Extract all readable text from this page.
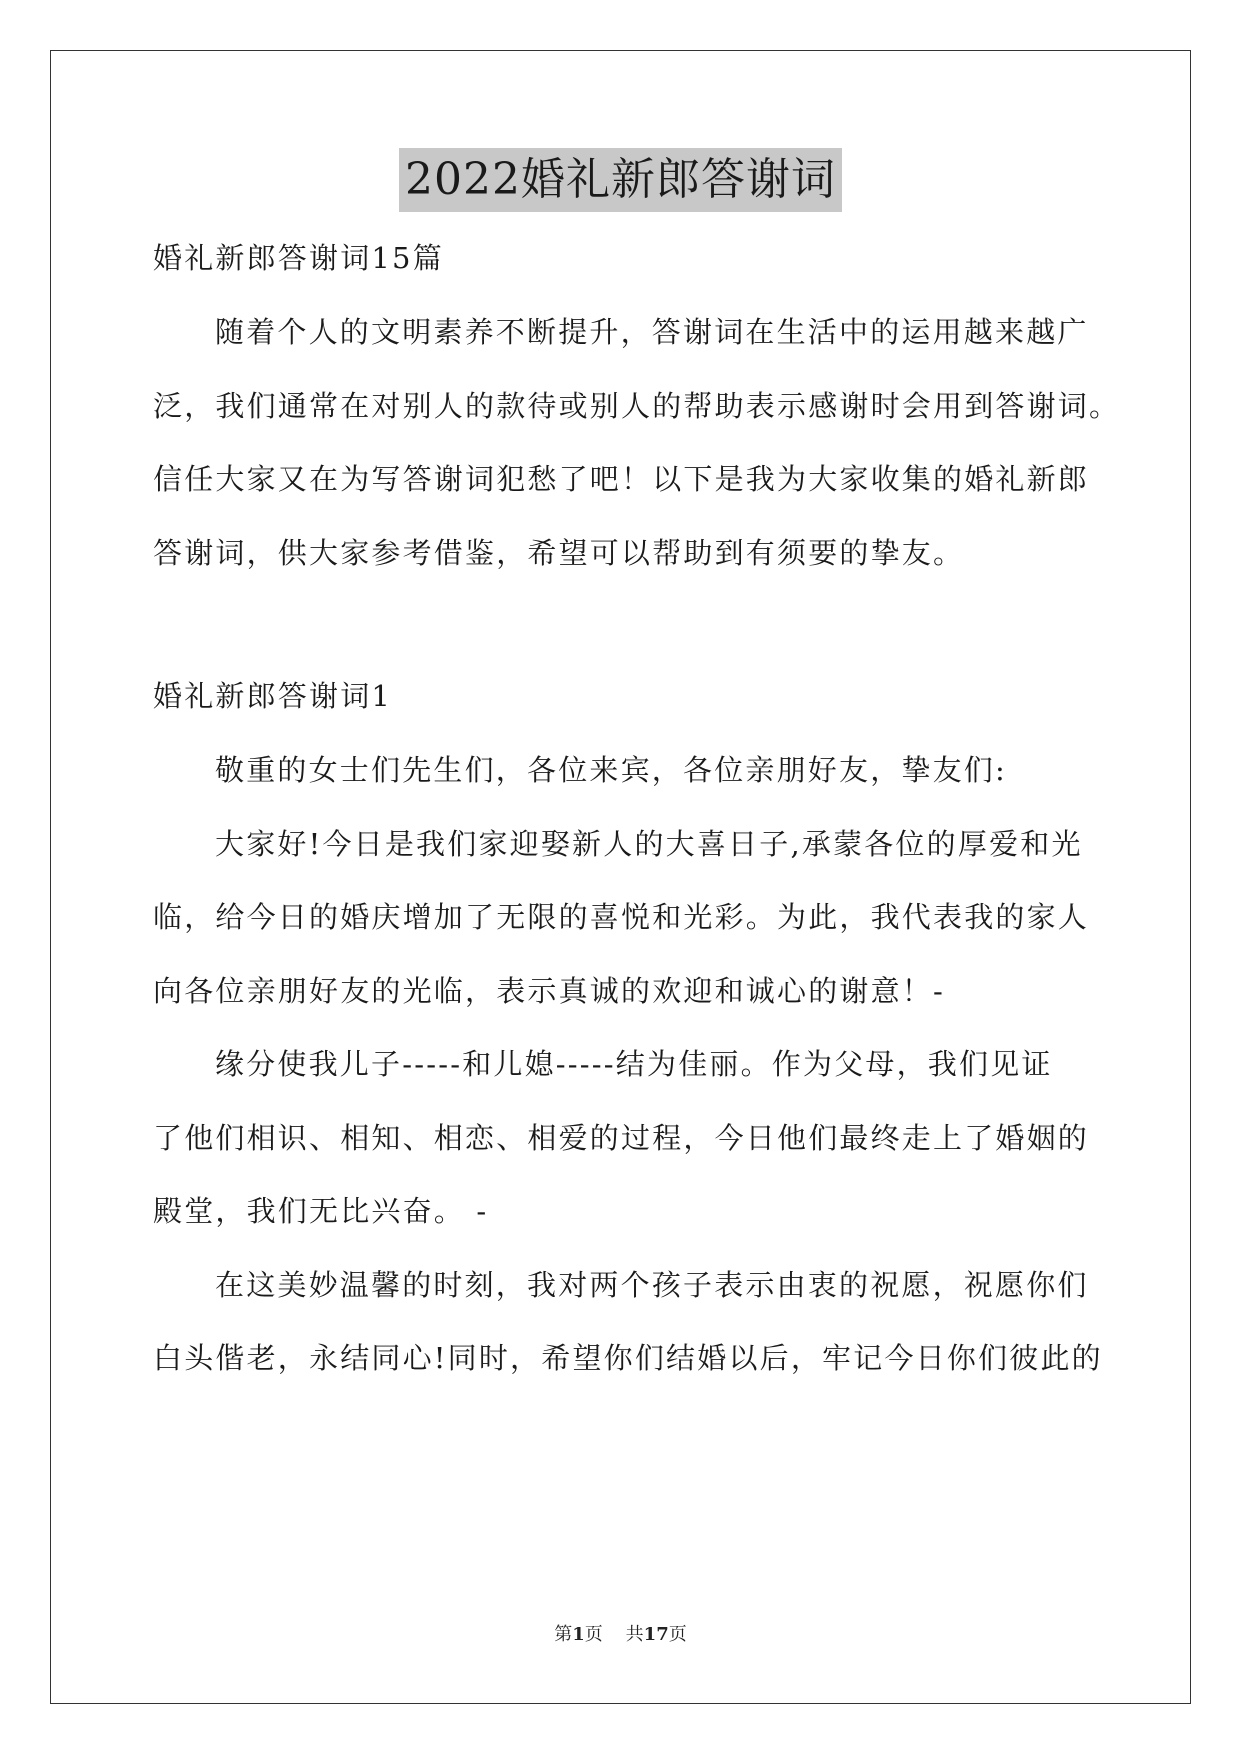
2022婚礼新郎答谢词
婚礼新郎答谢词15篇
随着个人的文明素养不断提升，答谢词在生活中的运用越来越广
泛，我们通常在对别人的款待或别人的帮助表示感谢时会用到答谢词。
信任大家又在为写答谢词犯愁了吧！以下是我为大家收集的婚礼新郎
答谢词，供大家参考借鉴，希望可以帮助到有须要的挚友。
婚礼新郎答谢词1
敬重的女士们先生们，各位来宾，各位亲朋好友，挚友们:
大家好!今日是我们家迎娶新人的大喜日子,承蒙各位的厚爱和光
临，给今日的婚庆增加了无限的喜悦和光彩。为此，我代表我的家人
向各位亲朋好友的光临，表示真诚的欢迎和诚心的谢意！-
缘分使我儿子-----和儿媳-----结为佳丽。作为父母，我们见证
了他们相识、相知、相恋、相爱的过程，今日他们最终走上了婚姻的
殿堂，我们无比兴奋。 -
在这美妙温馨的时刻，我对两个孩子表示由衷的祝愿，祝愿你们
白头偕老，永结同心!同时，希望你们结婚以后，牢记今日你们彼此的
第1页 共17页
